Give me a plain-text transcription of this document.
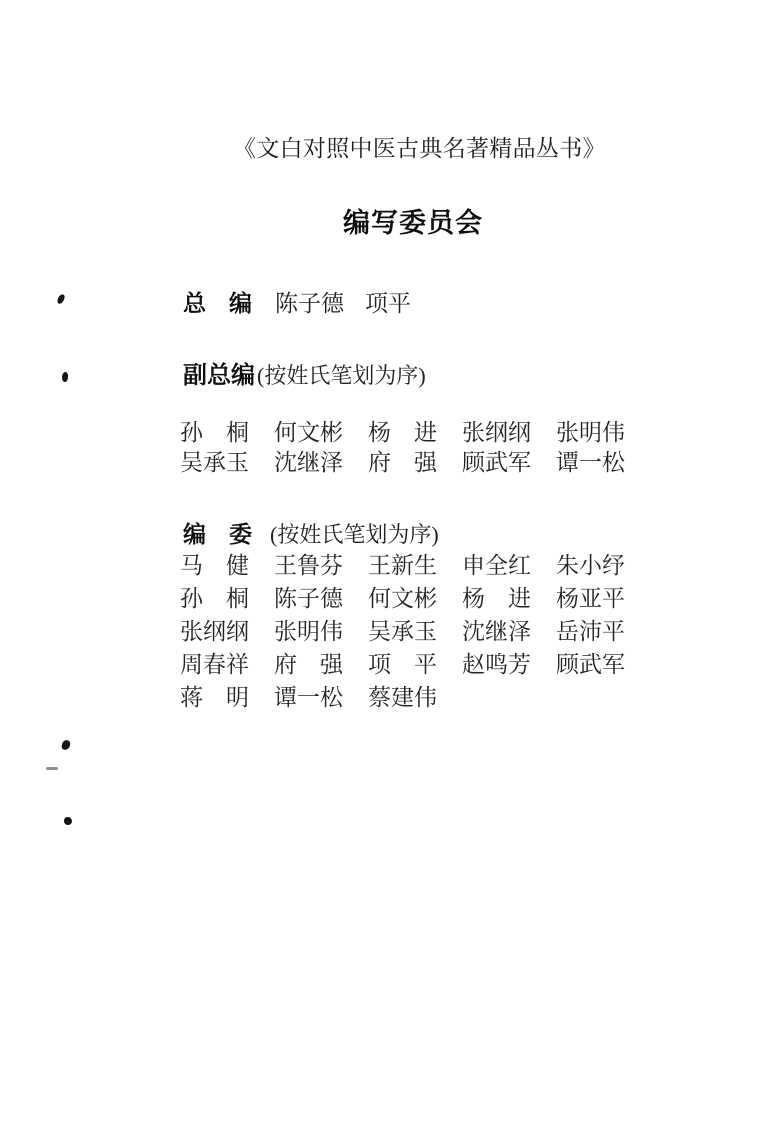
《文白对照中医古典名著精品丛书》
编写委员会
总　编 陈子德 项平
副总编 (按姓氏笔划为序)
孙　桐 何文彬 杨　进 张纲纲 张明伟
吴承玉 沈继泽 府　强 顾武军 谭一松
编　委 (按姓氏笔划为序)
马　健 王鲁芬 王新生 申全红 朱小纾
孙　桐 陈子德 何文彬 杨　进 杨亚平
张纲纲 张明伟 吴承玉 沈继泽 岳沛平
周春祥 府　强 项　平 赵鸣芳 顾武军
蒋　明 谭一松 蔡建伟
